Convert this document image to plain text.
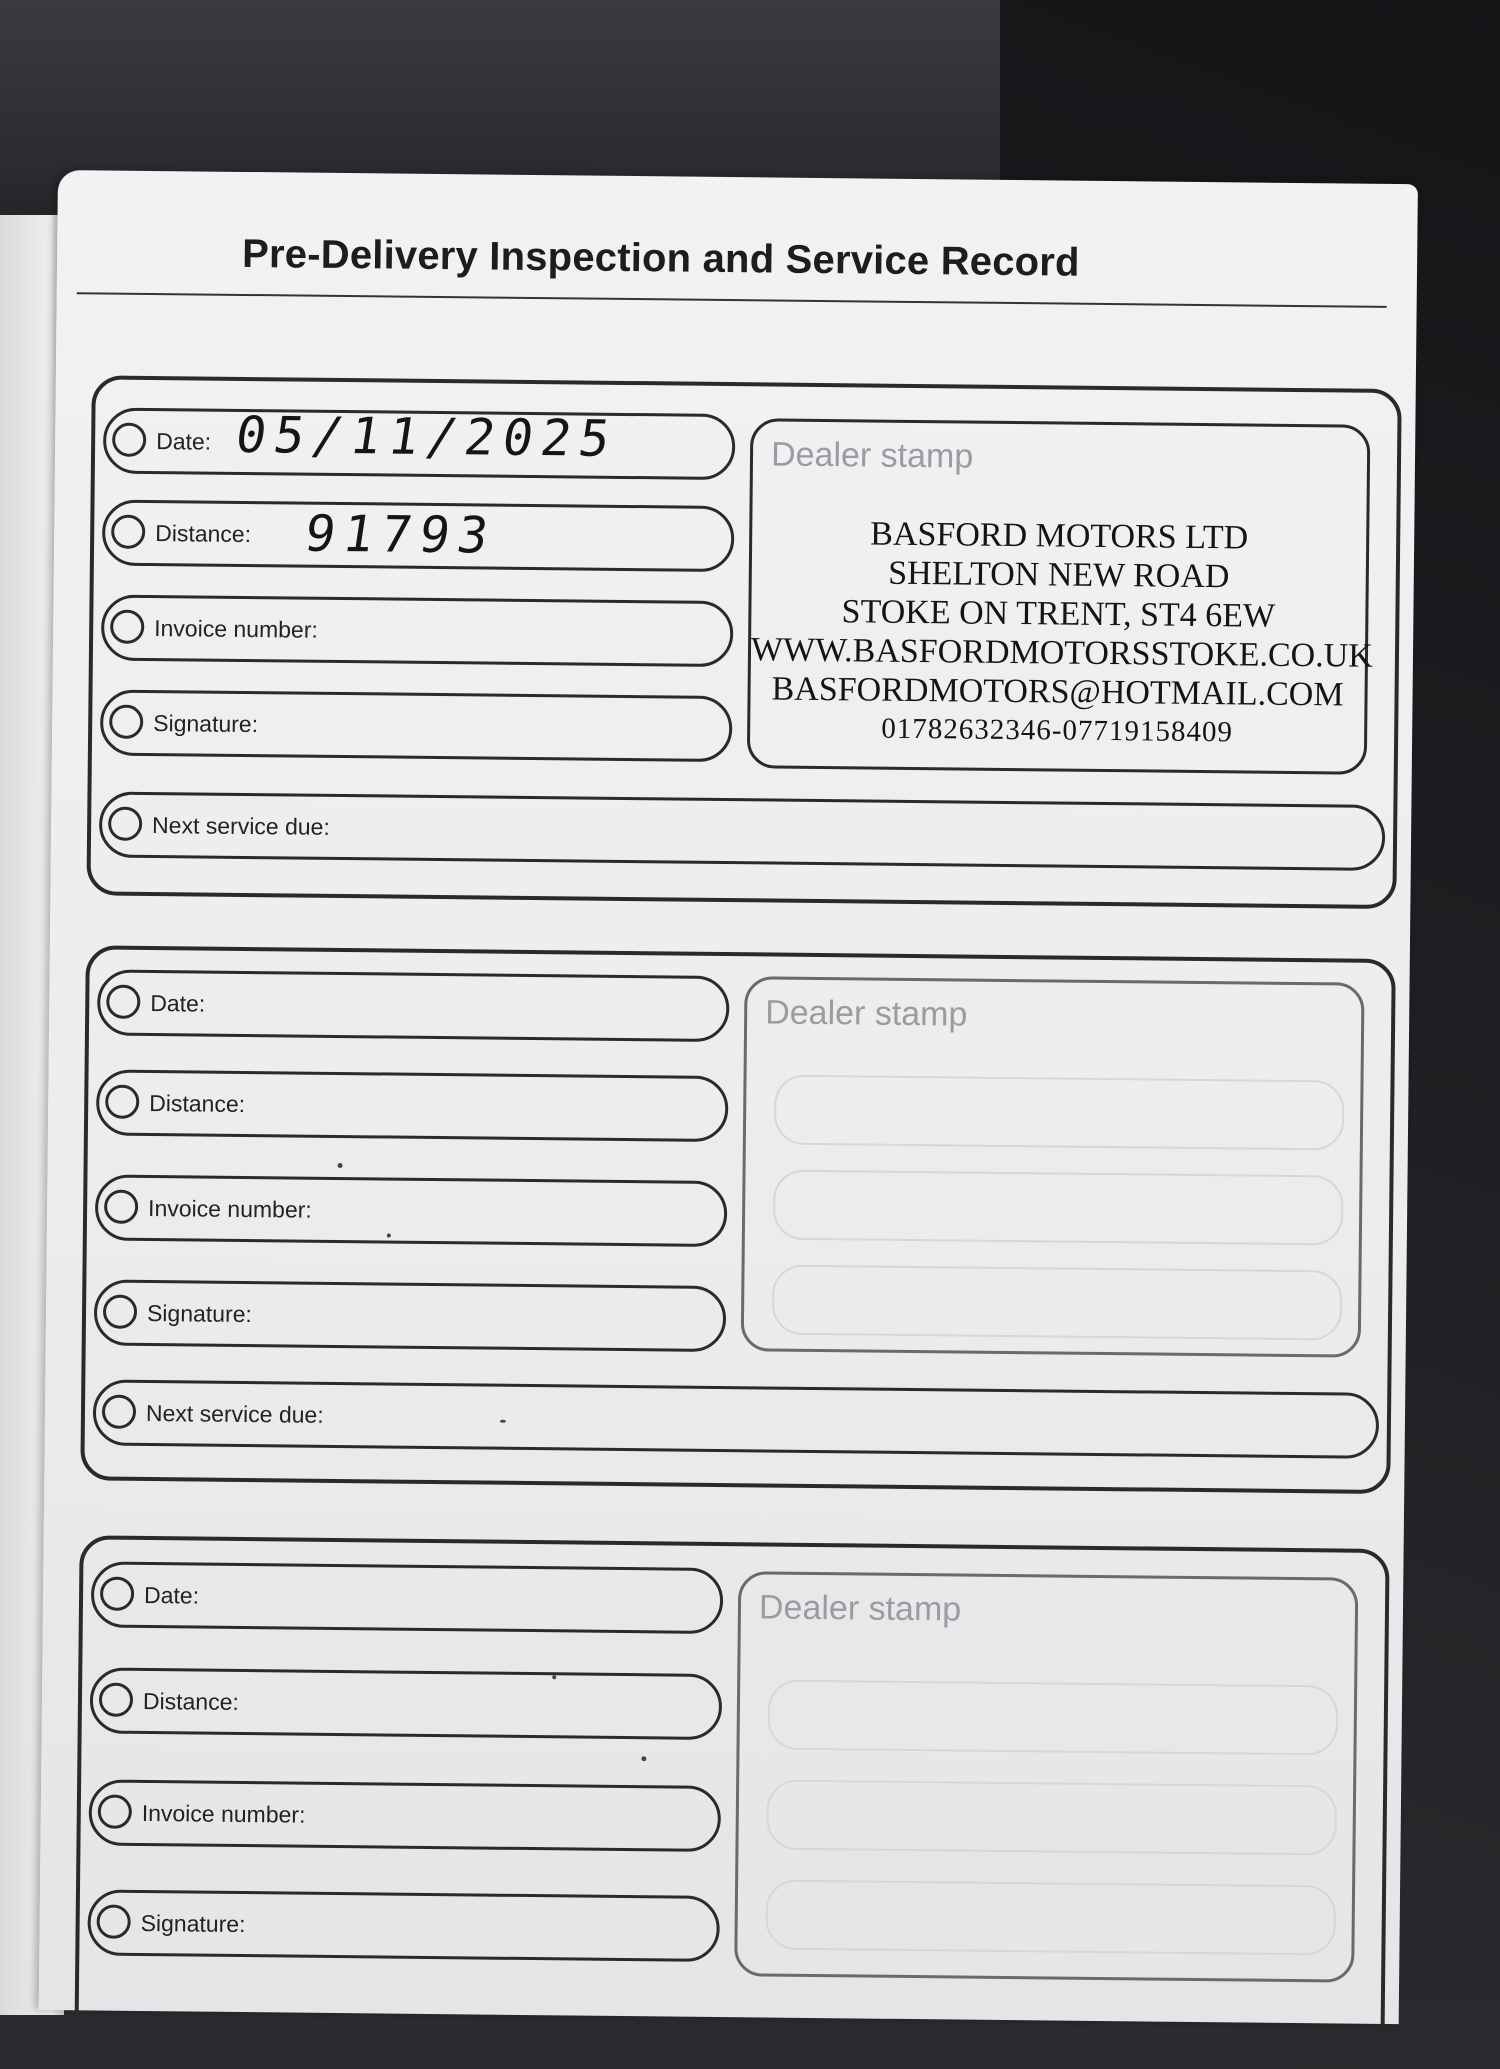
Pre-Delivery Inspection and Service Record
Date: 05/11/2025
Distance: 91793
Invoice number:
Signature:
Next service due:
Dealer stamp
BASFORD MOTORS LTD
SHELTON NEW ROAD
STOKE ON TRENT, ST4 6EW
WWW.BASFORDMOTORSSTOKE.CO.UK
BASFORDMOTORS@HOTMAIL.COM
01782632346-07719158409
Date:
Distance:
Invoice number:
Signature:
Next service due:
Dealer stamp
Date:
Distance:
Invoice number:
Signature:
Dealer stamp
